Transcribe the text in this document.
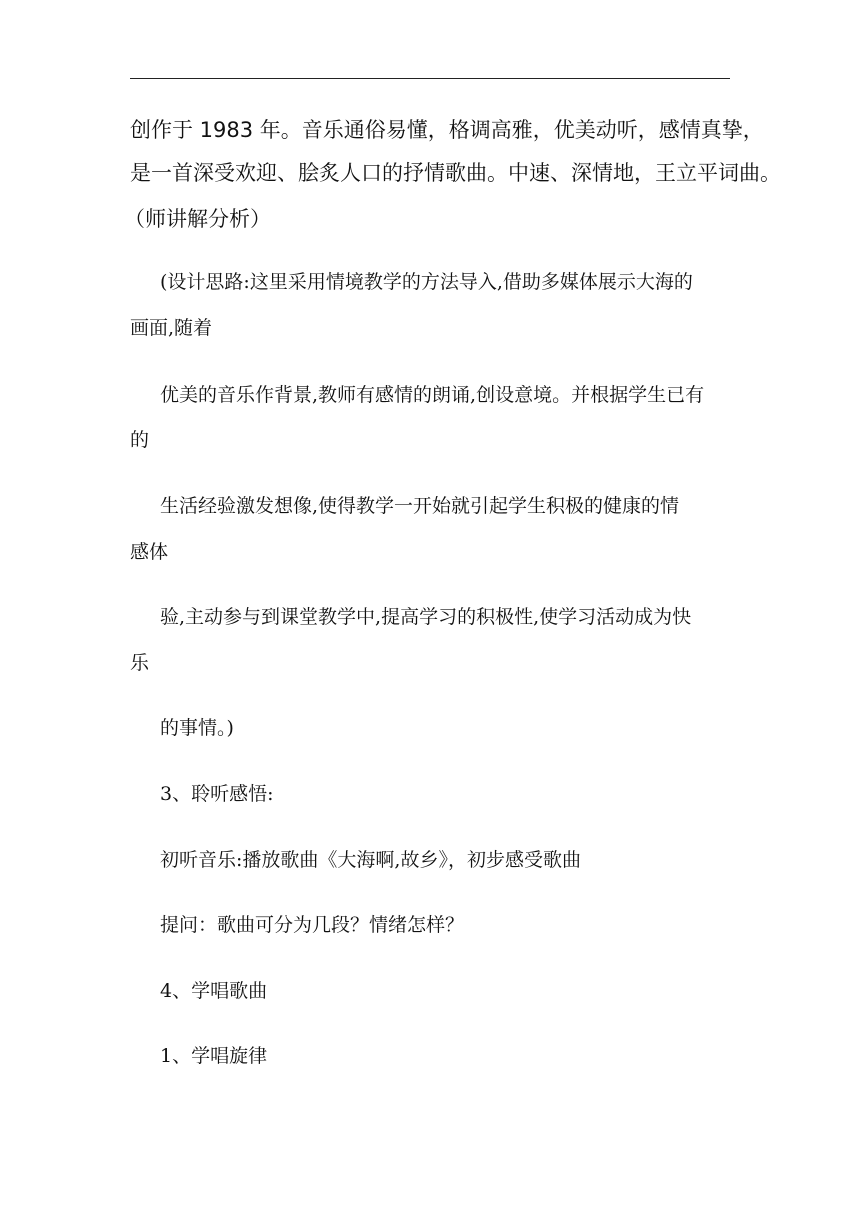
创作于 1983 年。音乐通俗易懂，格调高雅，优美动听，感情真挚，
是一首深受欢迎、脍炙人口的抒情歌曲。中速、深情地，王立平词曲。
（师讲解分析）
(设计思路:这里采用情境教学的方法导入,借助多媒体展示大海的
画面,随着
优美的音乐作背景,教师有感情的朗诵,创设意境。并根据学生已有
的
生活经验激发想像,使得教学一开始就引起学生积极的健康的情
感体
验,主动参与到课堂教学中,提高学习的积极性,使学习活动成为快
乐
的事情。)
3、聆听感悟:
初听音乐:播放歌曲《大海啊,故乡》，初步感受歌曲
提问：歌曲可分为几段？情绪怎样？
4、学唱歌曲
1、学唱旋律
